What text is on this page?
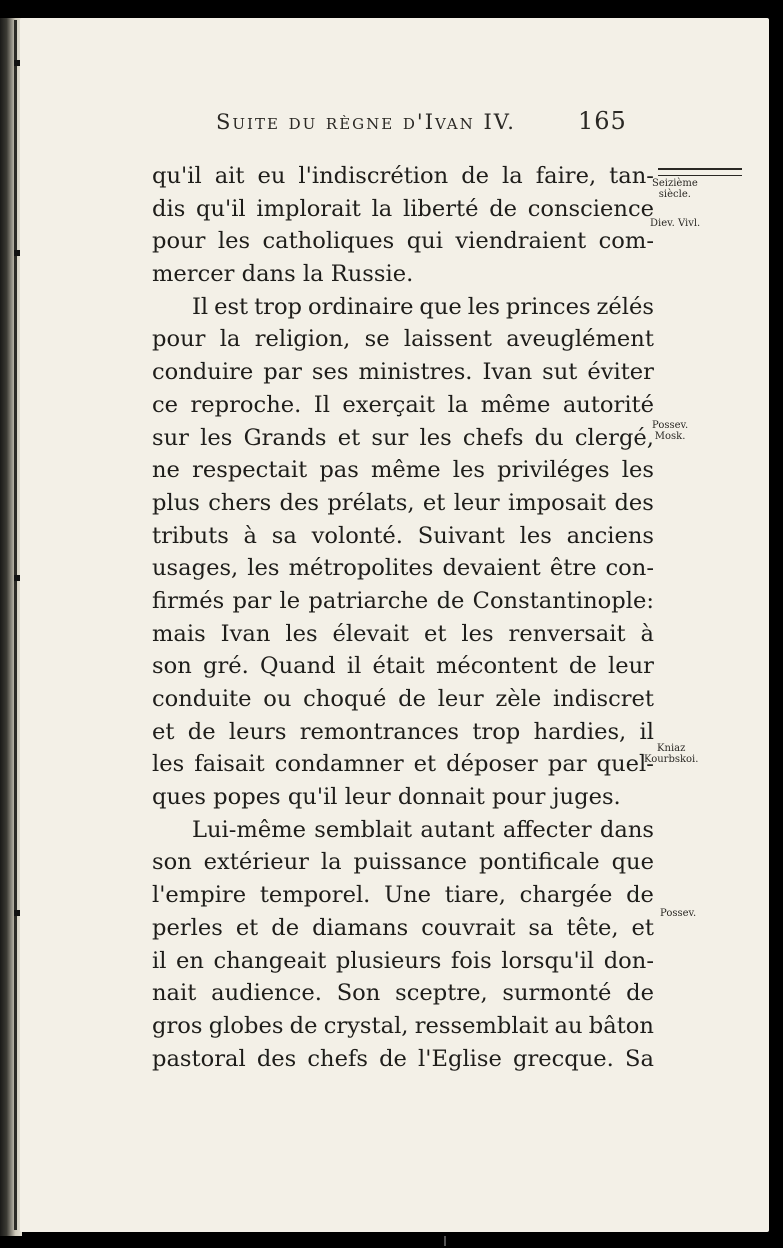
Suite du règne d'Ivan IV.	165
Seizième
siècle.
Diev. Vivl.
Possev.
Mosk.
Kniaz
Kourbskoi.
Possev.
qu'il ait eu l'indiscrétion de la faire, tan-
dis qu'il implorait la liberté de conscience
pour les catholiques qui viendraient com-
mercer dans la Russie.
Il est trop ordinaire que les princes zélés
pour la religion, se laissent aveuglément
conduire par ses ministres. Ivan sut éviter
ce reproche. Il exerçait la même autorité
sur les Grands et sur les chefs du clergé,
ne respectait pas même les priviléges les
plus chers des prélats, et leur imposait des
tributs à sa volonté. Suivant les anciens
usages, les métropolites devaient être con-
firmés par le patriarche de Constantinople:
mais Ivan les élevait et les renversait à
son gré. Quand il était mécontent de leur
conduite ou choqué de leur zèle indiscret
et de leurs remontrances trop hardies, il
les faisait condamner et déposer par quel-
ques popes qu'il leur donnait pour juges.
Lui-même semblait autant affecter dans
son extérieur la puissance pontificale que
l'empire temporel. Une tiare, chargée de
perles et de diamans couvrait sa tête, et
il en changeait plusieurs fois lorsqu'il don-
nait audience. Son sceptre, surmonté de
gros globes de crystal, ressemblait au bâton
pastoral des chefs de l'Eglise grecque. Sa
